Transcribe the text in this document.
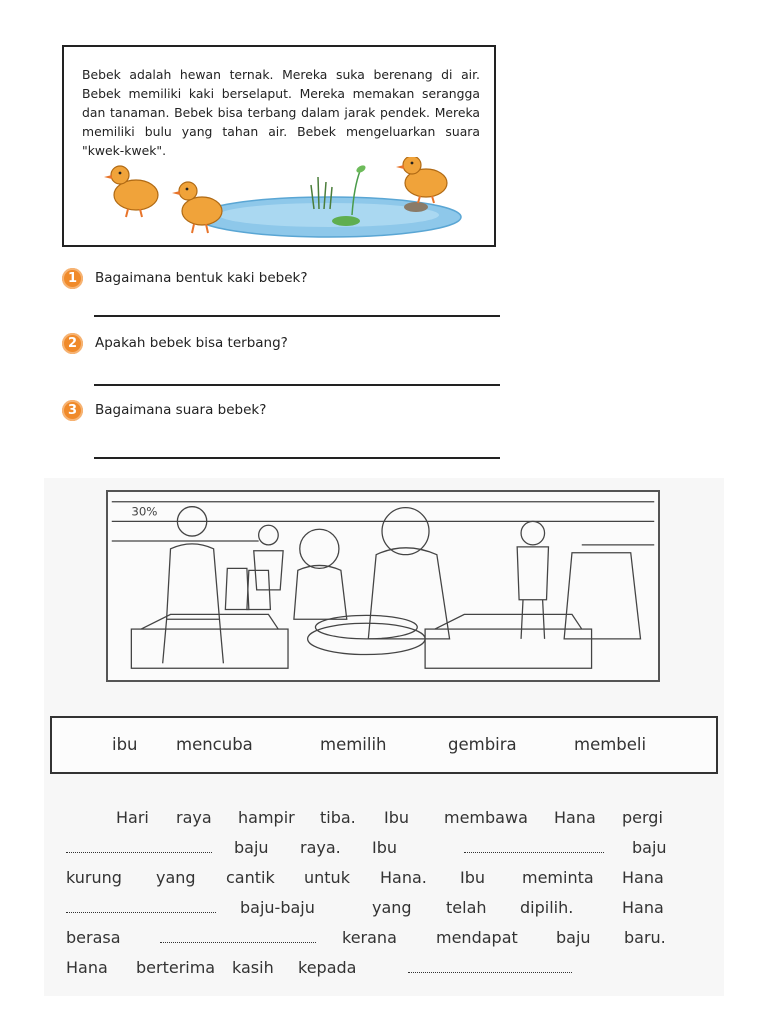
Bebek adalah hewan ternak. Mereka suka berenang di air. Bebek memiliki kaki berselaput. Mereka memakan serangga dan tanaman. Bebek bisa terbang dalam jarak pendek. Mereka memiliki bulu yang tahan air. Bebek mengeluarkan suara "kwek-kwek".
1	Bagaimana bentuk kaki bebek?
2	Apakah bebek bisa terbang?
3	Bagaimana suara bebek?
30%
ibu mencuba	memilih	gembira	membeli
Hari raya hampir tiba. Ibu membawa Hana pergi
baju raya. Ibu	baju
kurung yang cantik untuk Hana. Ibu meminta Hana
baju-baju	yang telah dipilih.	Hana
berasa	kerana mendapat baju baru.
Hana berterima kasih kepada
